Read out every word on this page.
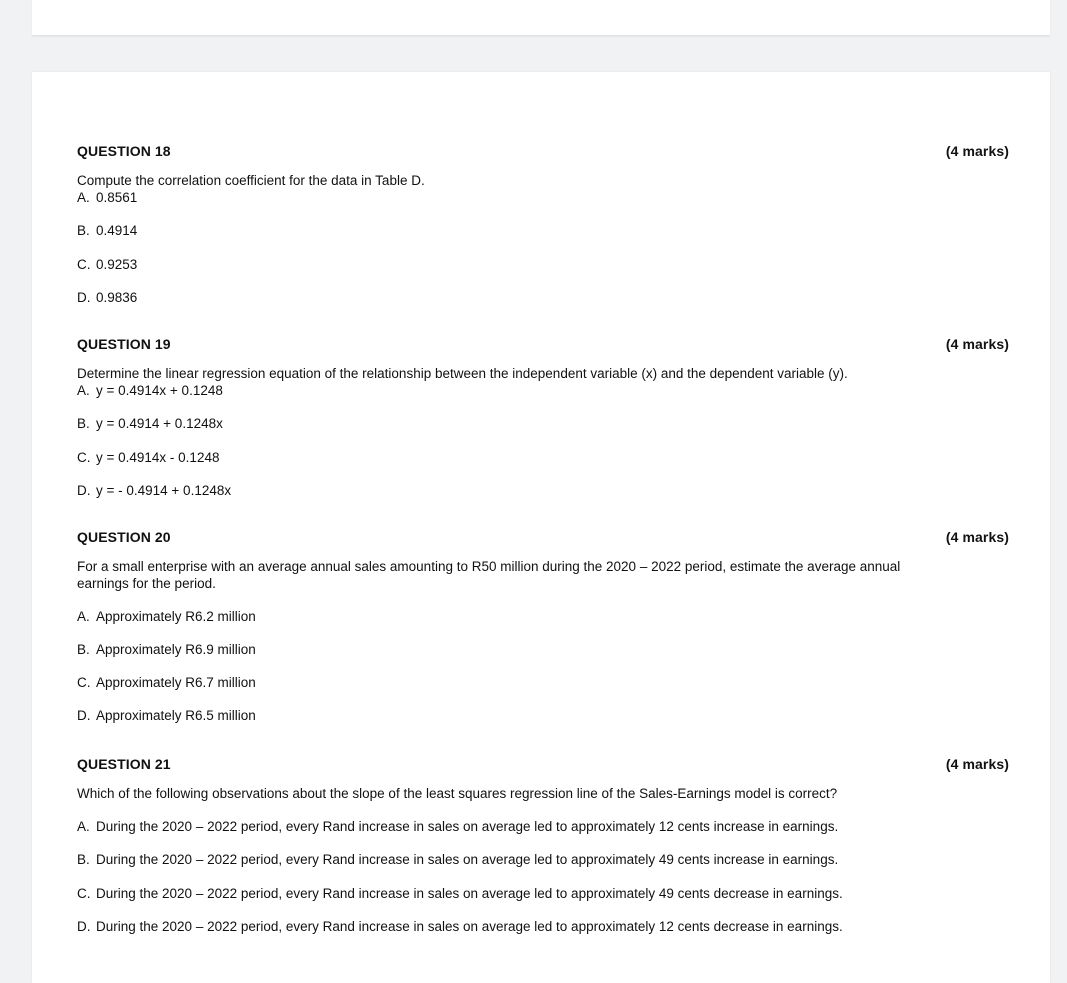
QUESTION 18	(4 marks)
Compute the correlation coefficient for the data in Table D.
A. 0.8561
B. 0.4914
C. 0.9253
D. 0.9836
QUESTION 19	(4 marks)
Determine the linear regression equation of the relationship between the independent variable (x) and the dependent variable (y).
A. y = 0.4914x + 0.1248
B. y = 0.4914 + 0.1248x
C. y = 0.4914x - 0.1248
D. y = - 0.4914 + 0.1248x
QUESTION 20	(4 marks)
For a small enterprise with an average annual sales amounting to R50 million during the 2020 – 2022 period, estimate the average annual earnings for the period.
A. Approximately R6.2 million
B. Approximately R6.9 million
C. Approximately R6.7 million
D. Approximately R6.5 million
QUESTION 21	(4 marks)
Which of the following observations about the slope of the least squares regression line of the Sales-Earnings model is correct?
A. During the 2020 – 2022 period, every Rand increase in sales on average led to approximately 12 cents increase in earnings.
B. During the 2020 – 2022 period, every Rand increase in sales on average led to approximately 49 cents increase in earnings.
C. During the 2020 – 2022 period, every Rand increase in sales on average led to approximately 49 cents decrease in earnings.
D. During the 2020 – 2022 period, every Rand increase in sales on average led to approximately 12 cents decrease in earnings.
